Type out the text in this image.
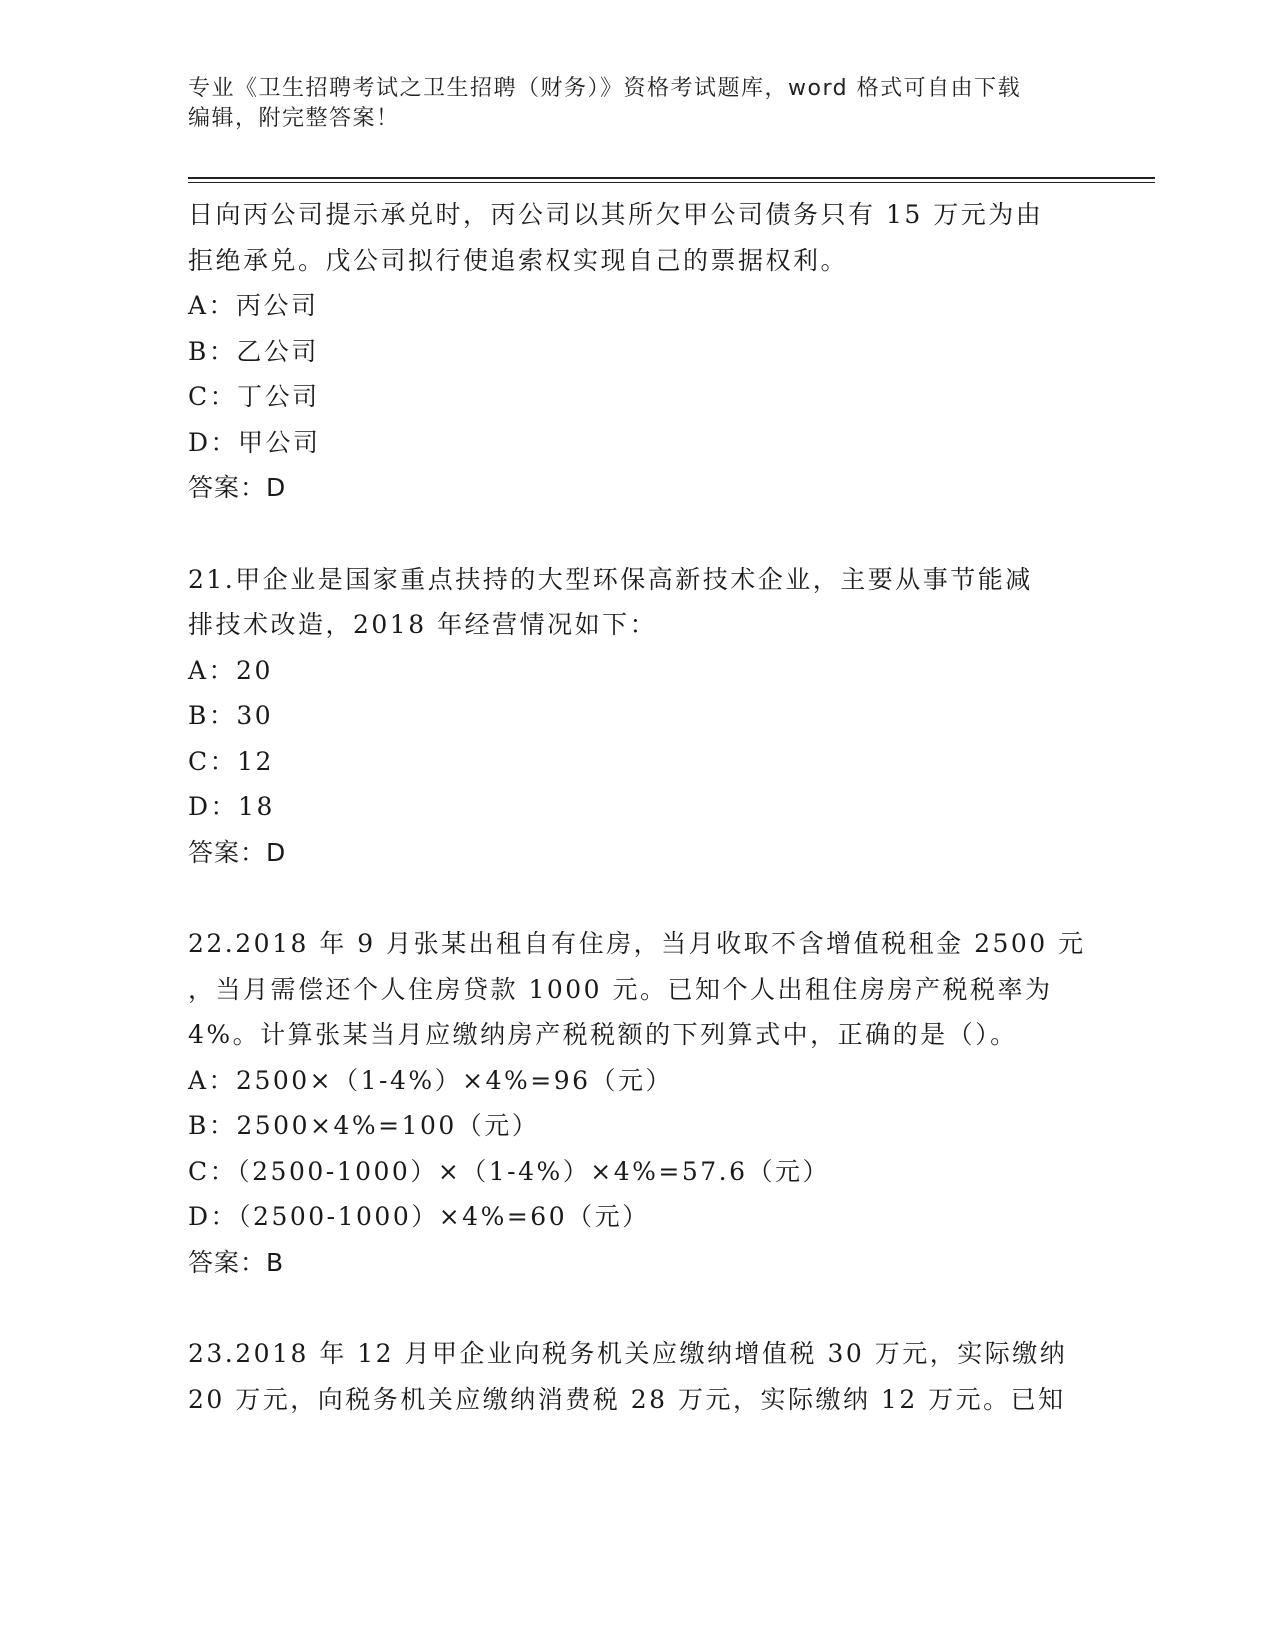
专业《卫生招聘考试之卫生招聘（财务）》资格考试题库，word 格式可自由下载
编辑，附完整答案！
日向丙公司提示承兑时，丙公司以其所欠甲公司债务只有 15 万元为由
拒绝承兑。戊公司拟行使追索权实现自己的票据权利。
A：丙公司
B：乙公司
C：丁公司
D：甲公司
答案：D
21.甲企业是国家重点扶持的大型环保高新技术企业，主要从事节能减
排技术改造，2018 年经营情况如下：
A：20
B：30
C：12
D：18
答案：D
22.2018 年 9 月张某出租自有住房，当月收取不含增值税租金 2500 元
，当月需偿还个人住房贷款 1000 元。已知个人出租住房房产税税率为
4%。计算张某当月应缴纳房产税税额的下列算式中，正确的是（）。
A：2500×（1-4%）×4%=96（元）
B：2500×4%=100（元）
C：（2500-1000）×（1-4%）×4%=57.6（元）
D：（2500-1000）×4%=60（元）
答案：B
23.2018 年 12 月甲企业向税务机关应缴纳增值税 30 万元，实际缴纳
20 万元，向税务机关应缴纳消费税 28 万元，实际缴纳 12 万元。已知
